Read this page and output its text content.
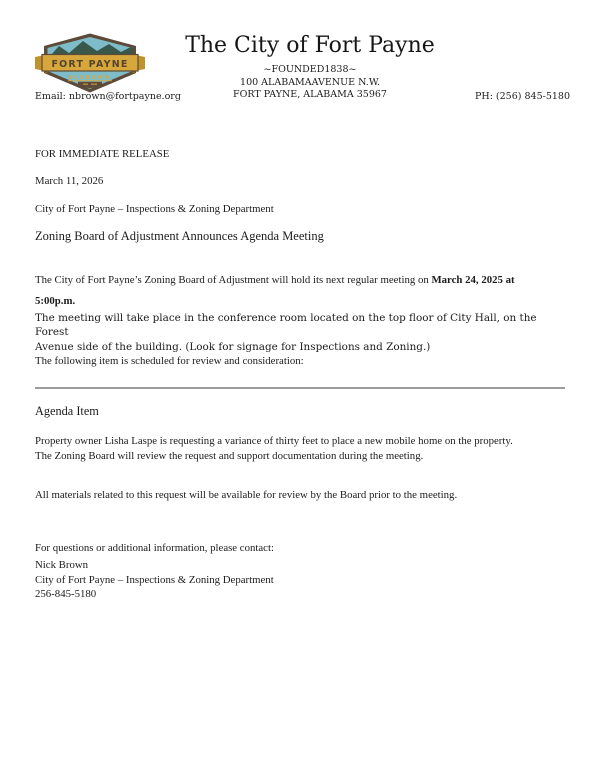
FORT PAYNE
ALABAMA
The City of Fort Payne
~FOUNDED1838~
100 ALABAMAAVENUE N.W.
FORT PAYNE, ALABAMA 35967
Email: nbrown@fortpayne.org	PH: (256) 845-5180
FOR IMMEDIATE RELEASE
March 11, 2026
City of Fort Payne – Inspections & Zoning Department
Zoning Board of Adjustment Announces Agenda Meeting
The City of Fort Payne’s Zoning Board of Adjustment will hold its next regular meeting on March 24, 2025 at
5:00p.m.
The meeting will take place in the conference room located on the top floor of City Hall, on the Forest
Avenue side of the building. (Look for signage for Inspections and Zoning.)
The following item is scheduled for review and consideration:
Agenda Item
Property owner Lisha Laspe is requesting a variance of thirty feet to place a new mobile home on the property.
The Zoning Board will review the request and support documentation during the meeting.
All materials related to this request will be available for review by the Board prior to the meeting.
For questions or additional information, please contact:
Nick Brown
City of Fort Payne – Inspections & Zoning Department
256-845-5180
